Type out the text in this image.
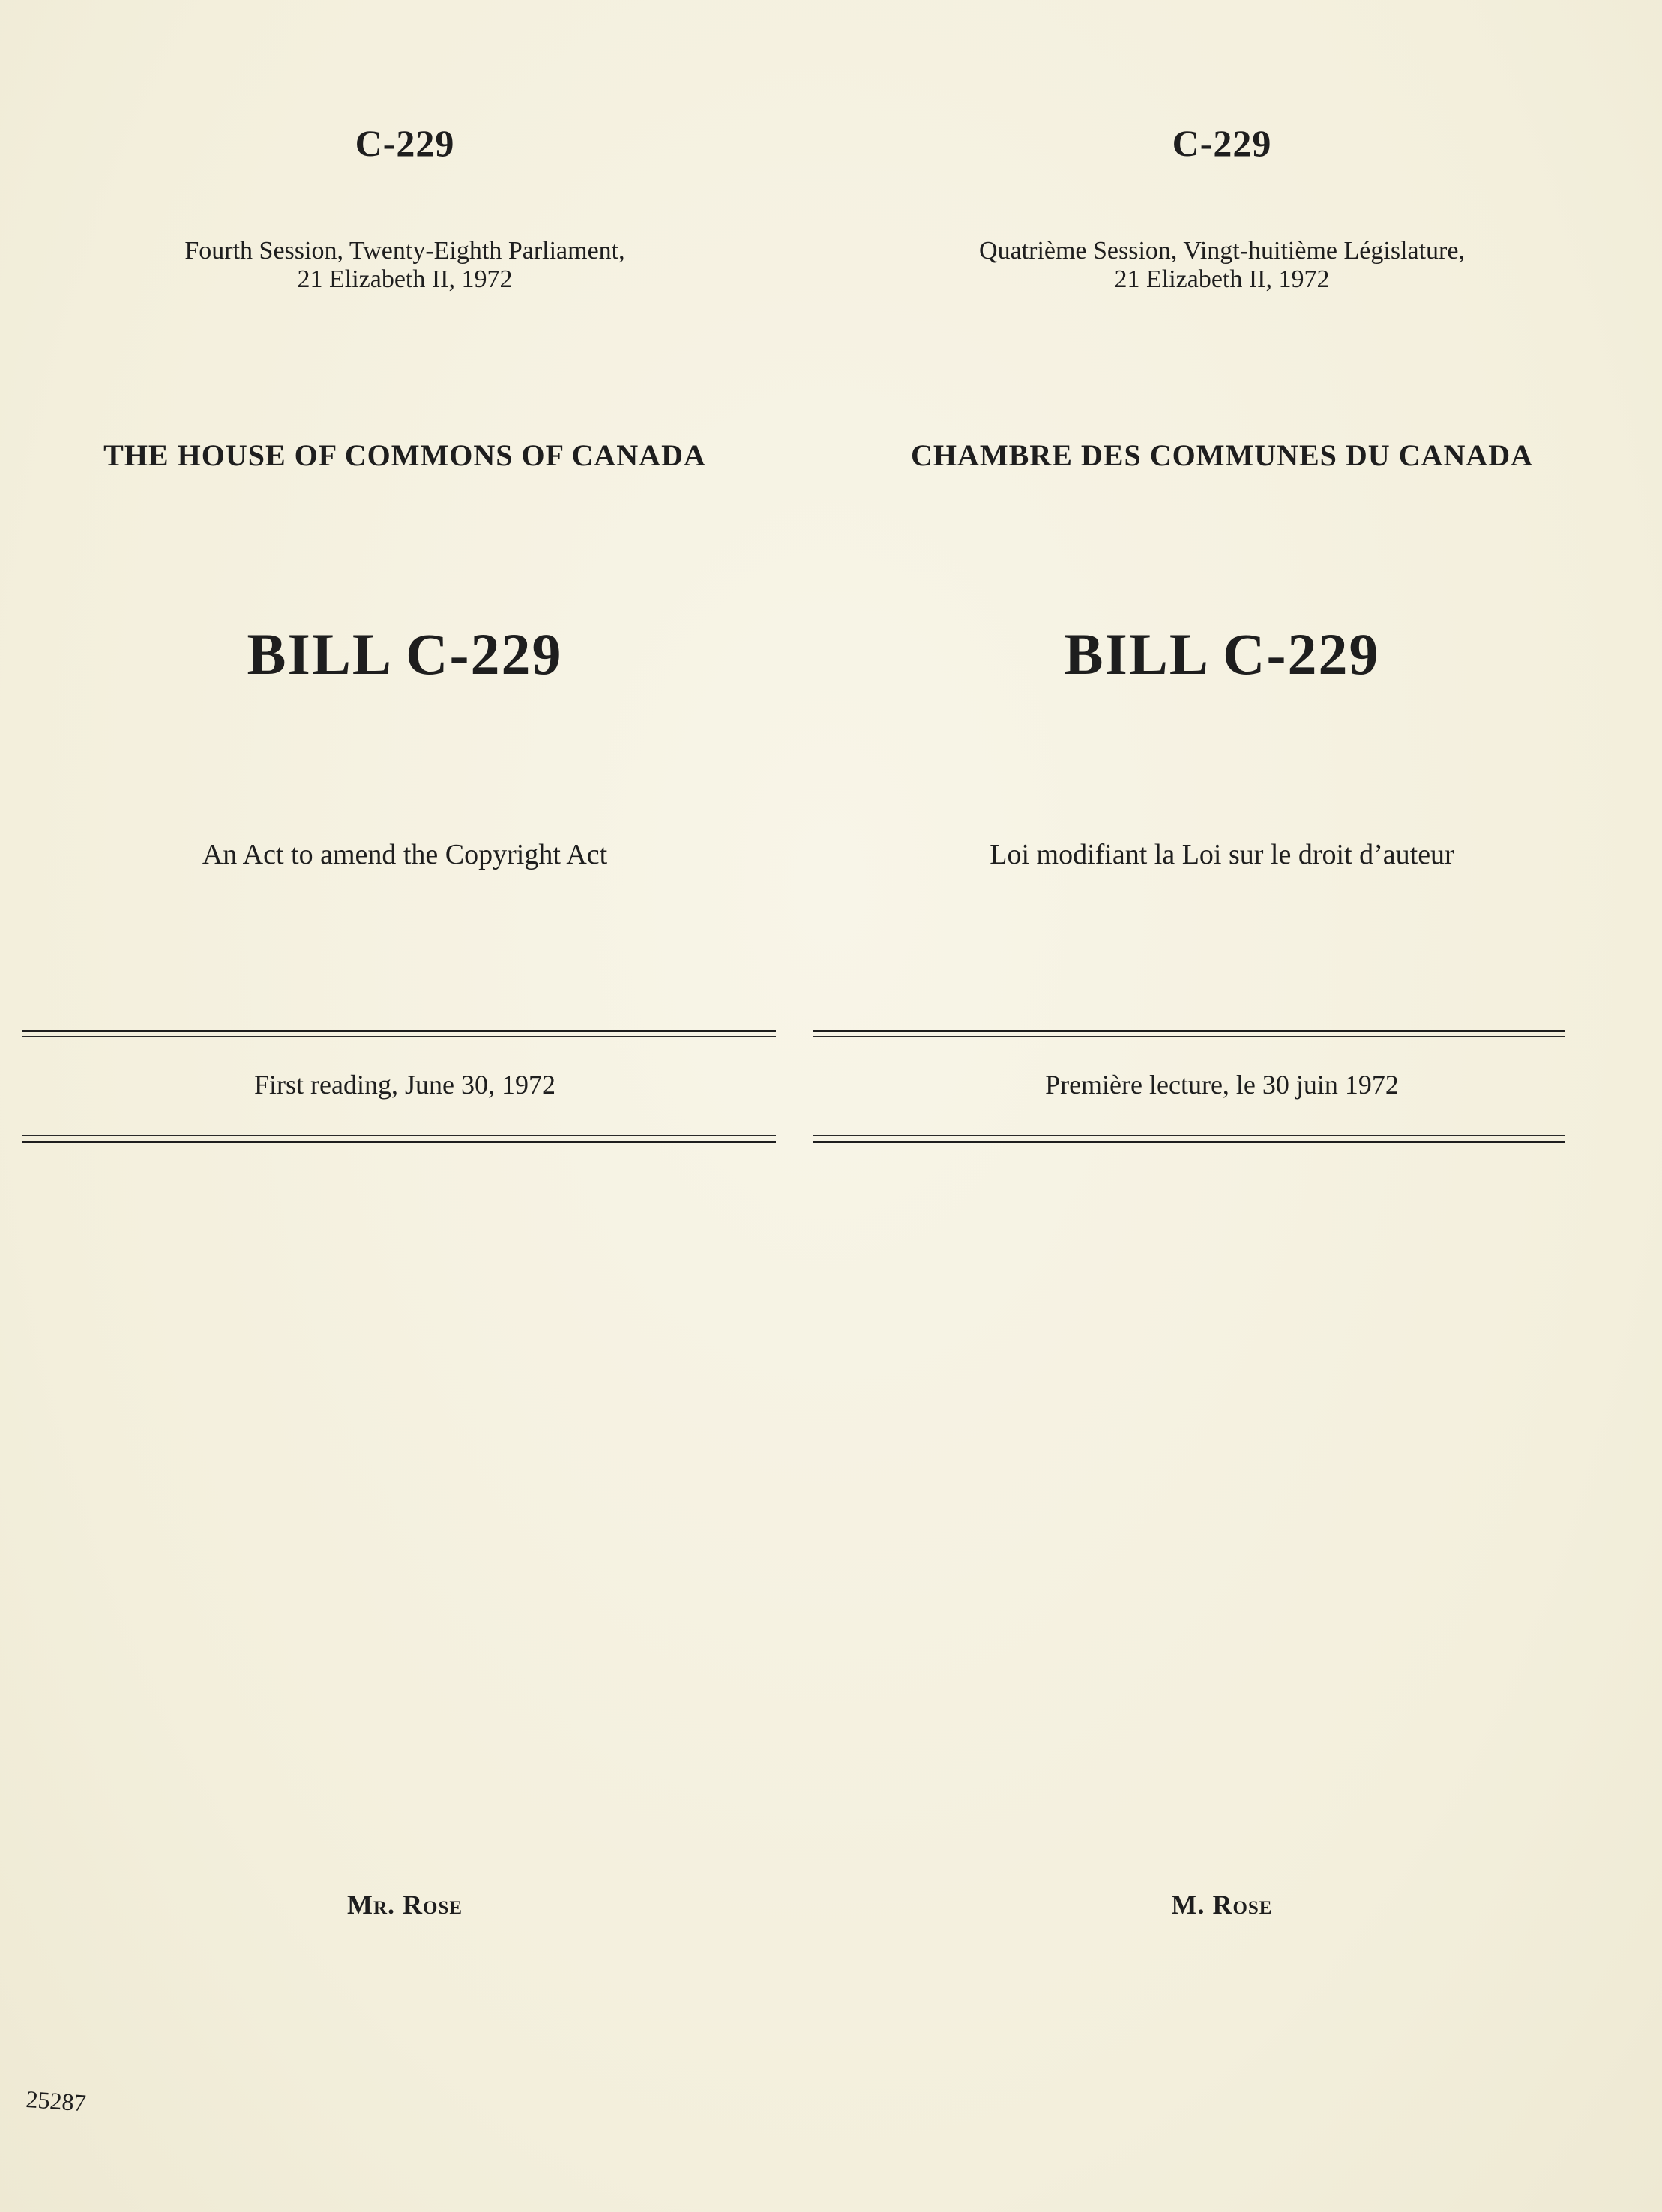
C-229
Fourth Session, Twenty-Eighth Parliament,
21 Elizabeth II, 1972
THE HOUSE OF COMMONS OF CANADA
BILL C-229
An Act to amend the Copyright Act
First reading, June 30, 1972
Mr. Rose
C-229
Quatrième Session, Vingt-huitième Législature,
21 Elizabeth II, 1972
CHAMBRE DES COMMUNES DU CANADA
BILL C-229
Loi modifiant la Loi sur le droit d’auteur
Première lecture, le 30 juin 1972
M. Rose
25287
